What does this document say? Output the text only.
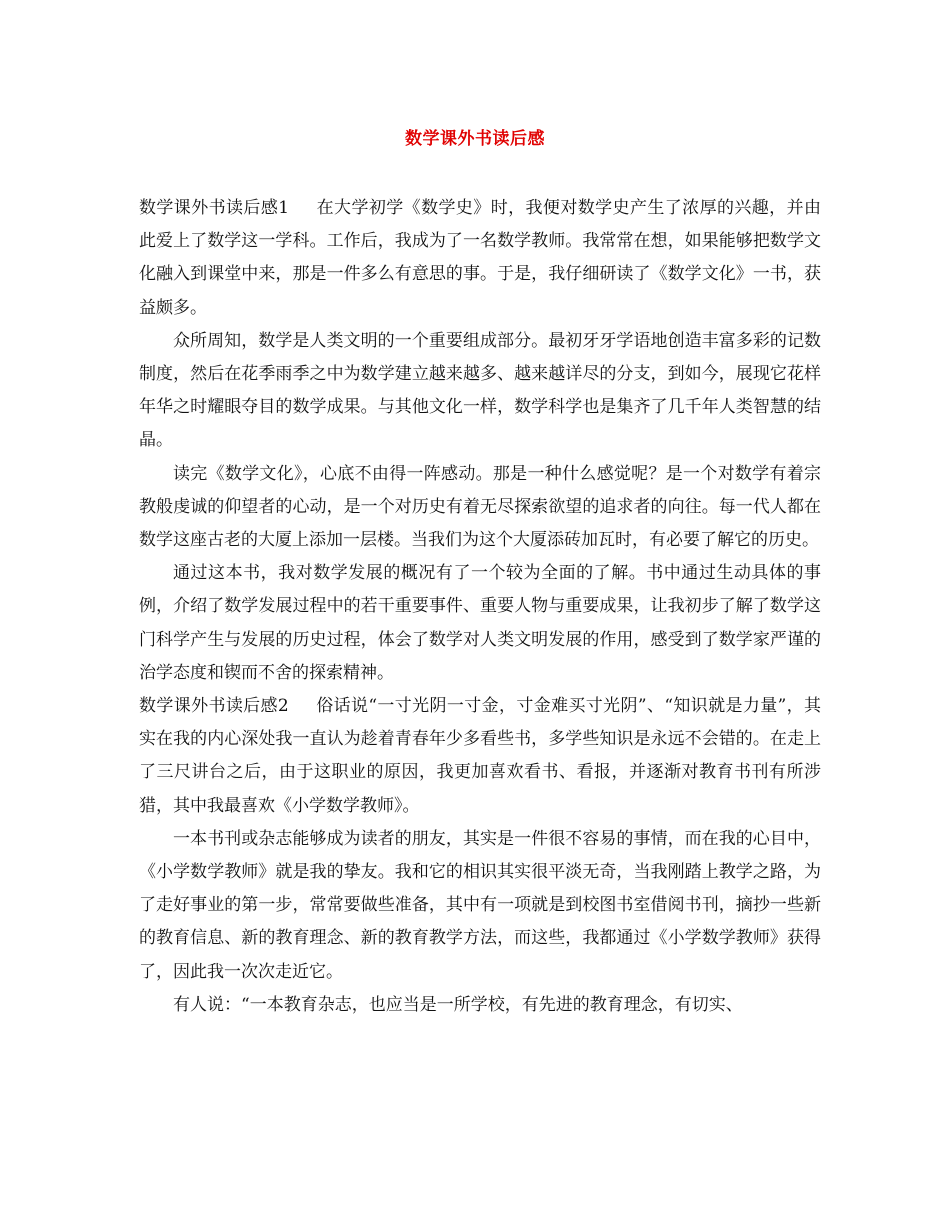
数学课外书读后感

数学课外书读后感1 在大学初学《数学史》时，我便对数学史产生了浓厚的兴趣，并由此爱上了数学这一学科。工作后，我成为了一名数学教师。我常常在想，如果能够把数学文化融入到课堂中来，那是一件多么有意思的事。于是，我仔细研读了《数学文化》一书，获益颇多。

众所周知，数学是人类文明的一个重要组成部分。最初牙牙学语地创造丰富多彩的记数制度，然后在花季雨季之中为数学建立越来越多、越来越详尽的分支，到如今，展现它花样年华之时耀眼夺目的数学成果。与其他文化一样，数学科学也是集齐了几千年人类智慧的结晶。

读完《数学文化》，心底不由得一阵感动。那是一种什么感觉呢？是一个对数学有着宗教般虔诚的仰望者的心动，是一个对历史有着无尽探索欲望的追求者的向往。每一代人都在数学这座古老的大厦上添加一层楼。当我们为这个大厦添砖加瓦时，有必要了解它的历史。

通过这本书，我对数学发展的概况有了一个较为全面的了解。书中通过生动具体的事例，介绍了数学发展过程中的若干重要事件、重要人物与重要成果，让我初步了解了数学这门科学产生与发展的历史过程，体会了数学对人类文明发展的作用，感受到了数学家严谨的治学态度和锲而不舍的探索精神。

数学课外书读后感2 俗话说“一寸光阴一寸金，寸金难买寸光阴”、“知识就是力量”，其实在我的内心深处我一直认为趁着青春年少多看些书，多学些知识是永远不会错的。在走上了三尺讲台之后，由于这职业的原因，我更加喜欢看书、看报，并逐渐对教育书刊有所涉猎，其中我最喜欢《小学数学教师》。

一本书刊或杂志能够成为读者的朋友，其实是一件很不容易的事情，而在我的心目中，《小学数学教师》就是我的挚友。我和它的相识其实很平淡无奇，当我刚踏上教学之路，为了走好事业的第一步，常常要做些准备，其中有一项就是到校图书室借阅书刊，摘抄一些新的教育信息、新的教育理念、新的教育教学方法，而这些，我都通过《小学数学教师》获得了，因此我一次次走近它。

有人说：“一本教育杂志，也应当是一所学校，有先进的教育理念，有切实、
